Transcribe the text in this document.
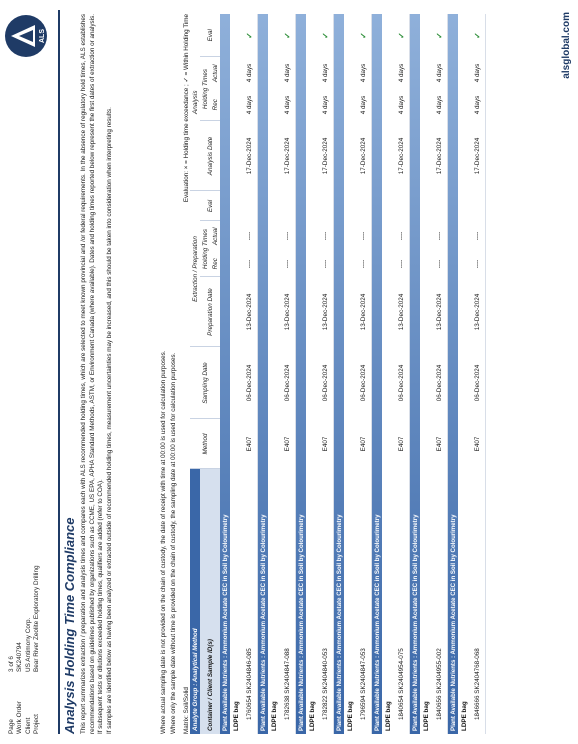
Page
3 of 6
Work Order
SK240794
Client
US Antimony Corp.
Project
Bear River Zeolite Exploratory Drilling
ALS
Analysis Holding Time Compliance This report summarizes extraction / preparation and analysis times and compares each with ALS recommended holding times, which are selected to meet known provincial and /or federal requirements. In the absence of regulatory hold times, ALS establishes recommendations based on guidelines published by organizations such as CCME, US EPA, APHA Standard Methods, ASTM, or Environment Canada (where available). Dates and holding times reported below represent the first dates of extraction or analysis. If subsequent tests or dilutions exceeded holding times, qualifiers are added (refer to COA). If samples are identified below as having been analyzed or extracted outside of recommended holding times, measurement uncertainties may be increased, and this should be taken into consideration when interpreting results.	Where actual sampling date is not provided on the chain of custody, the date of receipt with time at 00:00 is used for calculation purposes. Where only the sample date without time is provided on the chain of custody, the sampling date at 00:00 is used for calculation purposes. Matrix: Soil/Solid
Evaluation: × = Holding time exceedance ; ✓ = Within Holding Time
Analyte Group : Analytical Method	Method	Sampling Date	Extraction / Preparation				Analysis			
Container / Client Sample ID(s)			Preparation Date	Holding Times		Eval	Analysis Date	Holding Times		Eval
				Rec	Actual			Rec	Actual	
Plant Available Nutrients : Ammonium Acetate CEC in Soil by Colourimetry										
LDPE bag										
1760654 SK2404846-085	E407	06-Dec-2024	13-Dec-2024	----	----		17-Dec-2024	4 days	4 days	✓
Plant Available Nutrients : Ammonium Acetate CEC in Soil by Colourimetry										
LDPE bag										
1782638 SK2404847-088	E407	06-Dec-2024	13-Dec-2024	----	----		17-Dec-2024	4 days	4 days	✓
Plant Available Nutrients : Ammonium Acetate CEC in Soil by Colourimetry										
LDPE bag										
1782822 SK2404840-053	E407	06-Dec-2024	13-Dec-2024	----	----		17-Dec-2024	4 days	4 days	✓
Plant Available Nutrients : Ammonium Acetate CEC in Soil by Colourimetry										
LDPE bag										
1796594 SK2404847-053	E407	06-Dec-2024	13-Dec-2024	----	----		17-Dec-2024	4 days	4 days	✓
Plant Available Nutrients : Ammonium Acetate CEC in Soil by Colourimetry										
LDPE bag										
1840654 SK2404954-075	E407	06-Dec-2024	13-Dec-2024	----	----		17-Dec-2024	4 days	4 days	✓
Plant Available Nutrients : Ammonium Acetate CEC in Soil by Colourimetry										
LDPE bag										
1840656 SK2404955-002	E407	06-Dec-2024	13-Dec-2024	----	----		17-Dec-2024	4 days	4 days	✓
Plant Available Nutrients : Ammonium Acetate CEC in Soil by Colourimetry										
LDPE bag										
1846666 SK2404768-068	E407	06-Dec-2024	13-Dec-2024	----	----		17-Dec-2024	4 days	4 days	✓	alsglobal.com
